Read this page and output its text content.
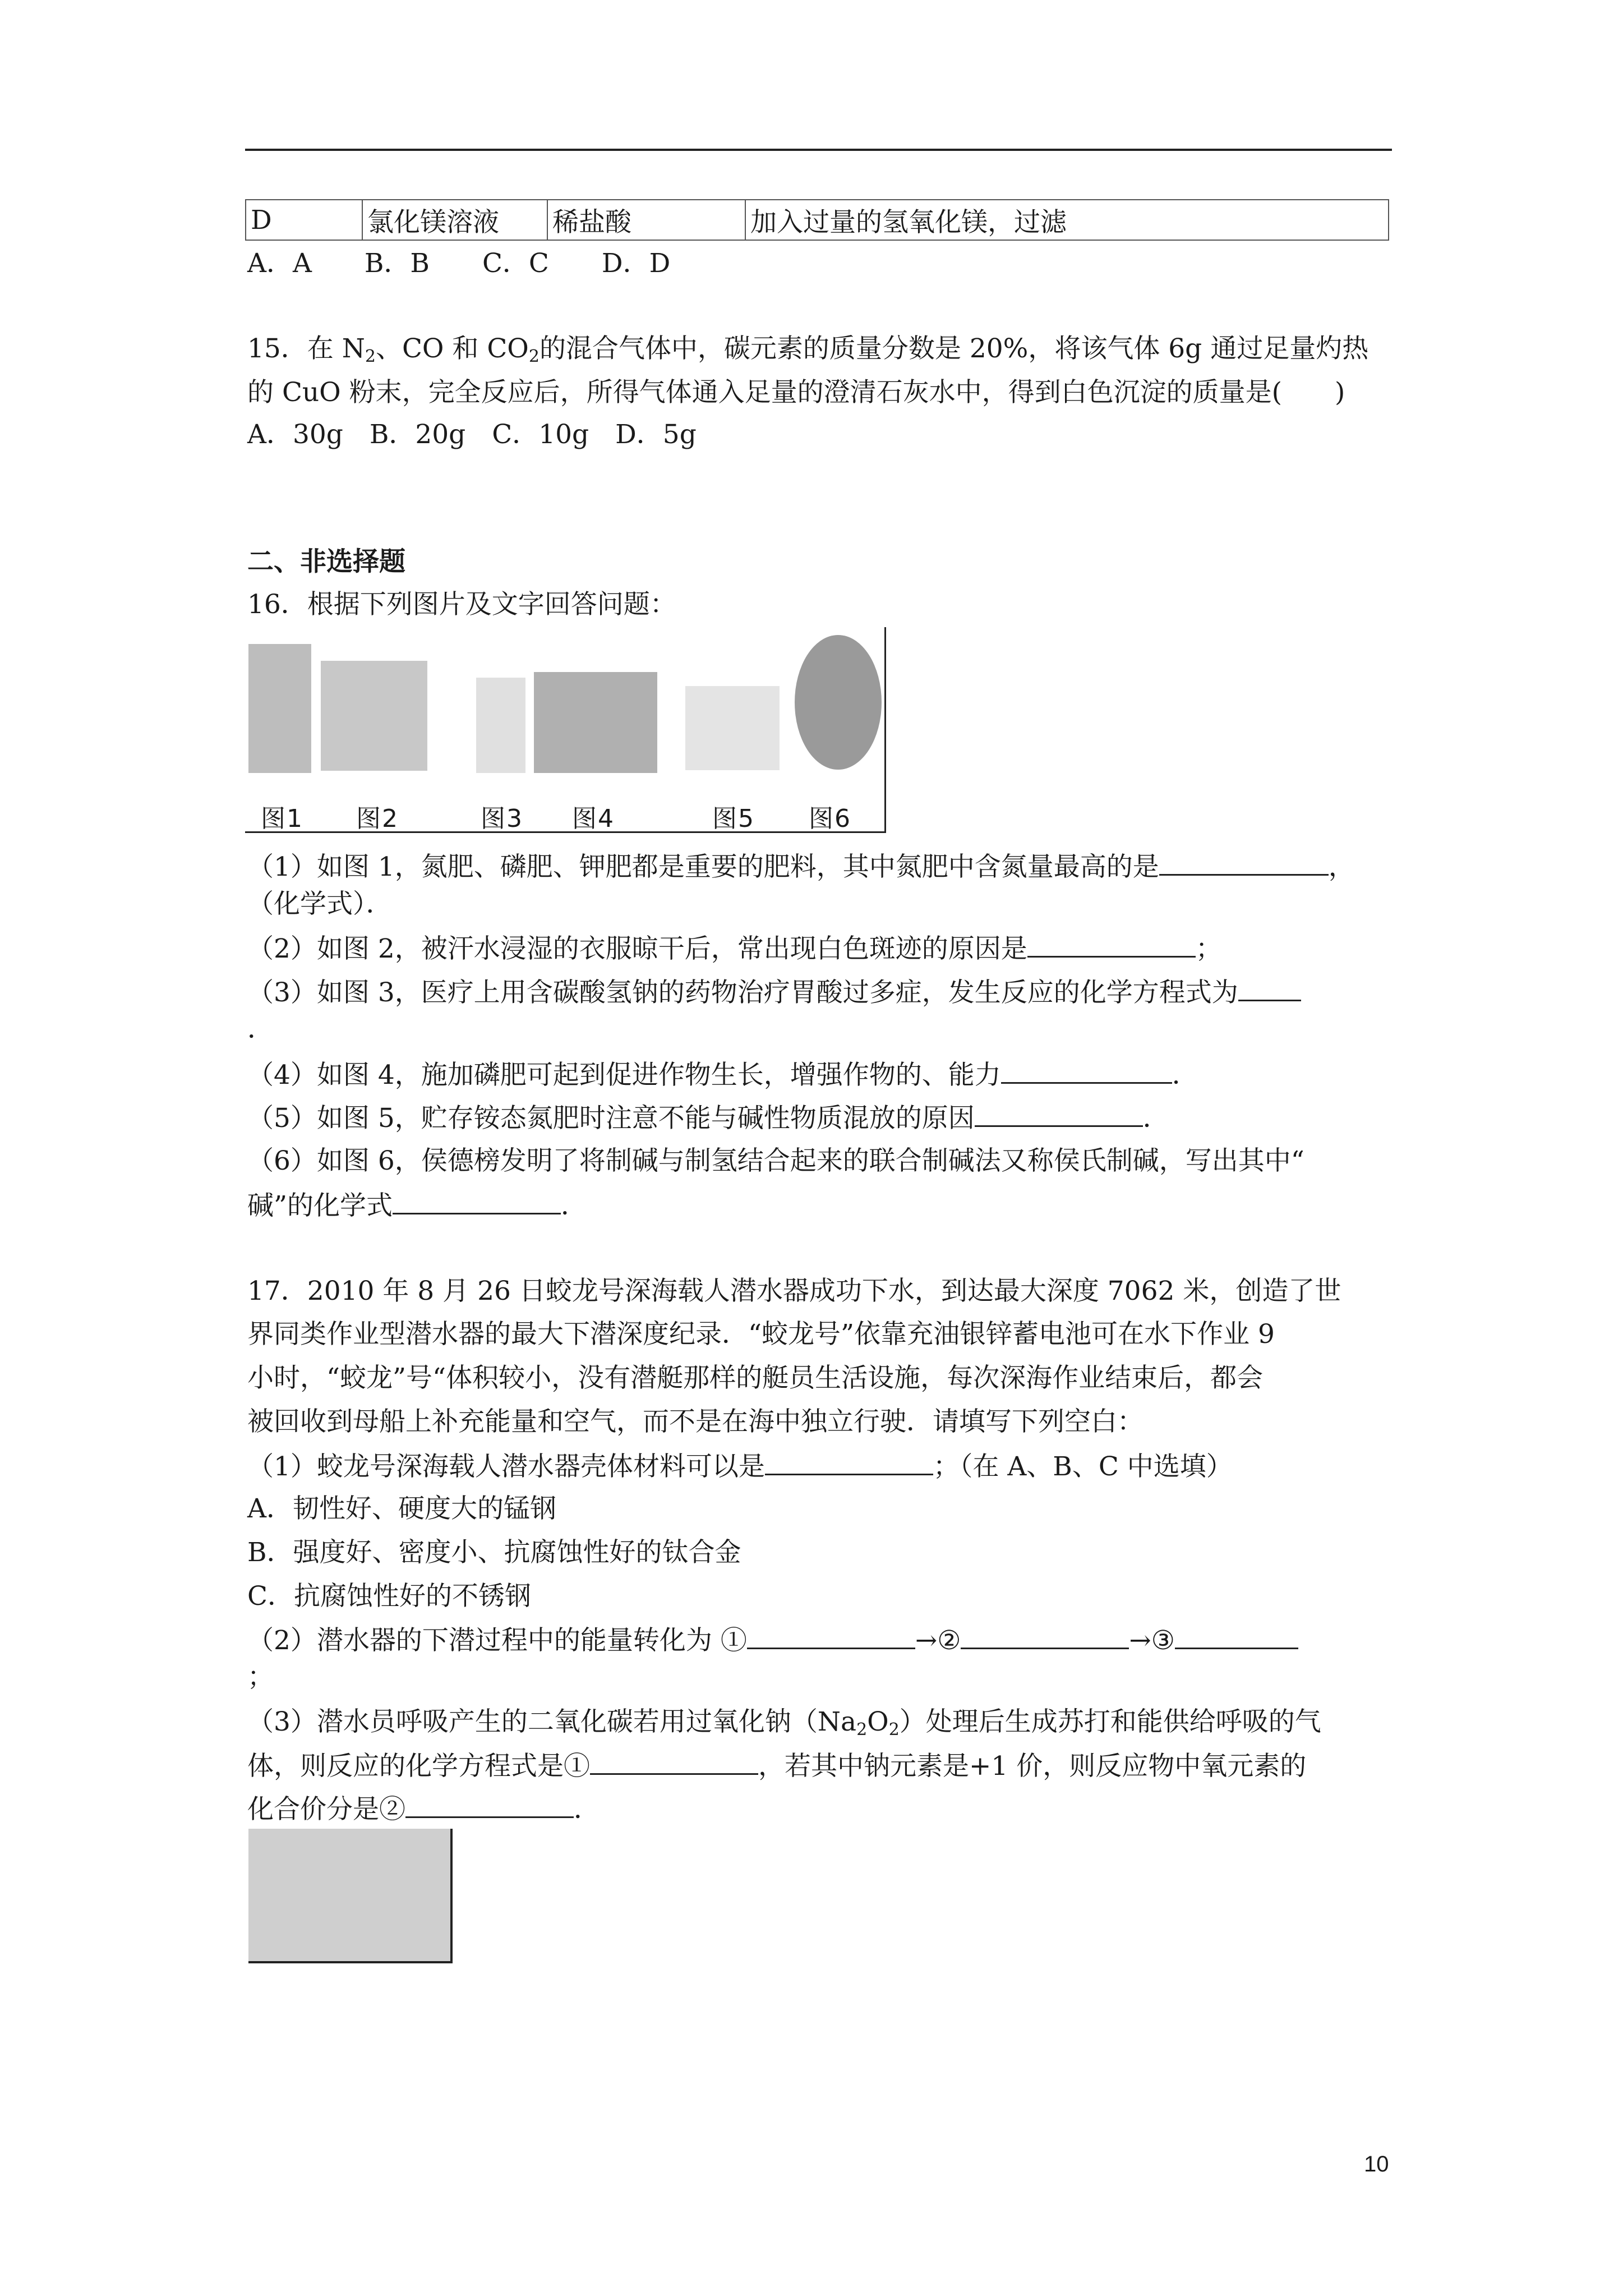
D	氯化镁溶液	稀盐酸	加入过量的氢氧化镁，过滤
A．A　　B．B　　C．C　　D．D
15．在 $N_2$、CO 和 $CO_2$的混合气体中，碳元素的质量分数是 20%，将该气体 6g 通过足量灼热
的 CuO 粉末，完全反应后，所得气体通入足量的澄清石灰水中，得到白色沉淀的质量是(　　)
A．30g　B．20g　C．10g　D．5g
二、非选择题
16．根据下列图片及文字回答问题：
图1 图2	图3 图4	图5 图6
（1）如图 1，氮肥、磷肥、钾肥都是重要的肥料，其中氮肥中含氮量最高的是	，
（化学式）．
（2）如图 2，被汗水浸湿的衣服晾干后，常出现白色斑迹的原因是	；
（3）如图 3，医疗上用含碳酸氢钠的药物治疗胃酸过多症，发生反应的化学方程式为
．
（4）如图 4，施加磷肥可起到促进作物生长，增强作物的、能力	．
（5）如图 5，贮存铵态氮肥时注意不能与碱性物质混放的原因	．
（6）如图 6，侯德榜发明了将制碱与制氢结合起来的联合制碱法又称侯氏制碱，写出其中“
碱”的化学式	．
17．2010 年 8 月 26 日蛟龙号深海载人潜水器成功下水，到达最大深度 7062 米，创造了世
界同类作业型潜水器的最大下潜深度纪录．“蛟龙号”依靠充油银锌蓄电池可在水下作业 9
小时，“蛟龙”号“体积较小，没有潜艇那样的艇员生活设施，每次深海作业结束后，都会
被回收到母船上补充能量和空气，而不是在海中独立行驶．请填写下列空白：
（1）蛟龙号深海载人潜水器壳体材料可以是	；（在 A、B、C 中选填）
A．韧性好、硬度大的锰钢
B．强度好、密度小、抗腐蚀性好的钛合金
C．抗腐蚀性好的不锈钢
（2）潜水器的下潜过程中的能量转化为 ①	→②	→③
；
（3）潜水员呼吸产生的二氧化碳若用过氧化钠$(Na_2O_2)$处理后生成苏打和能供给呼吸的气
体，则反应的化学方程式是①	，若其中钠元素是+1 价，则反应物中氧元素的
化合价分是②	．
10
